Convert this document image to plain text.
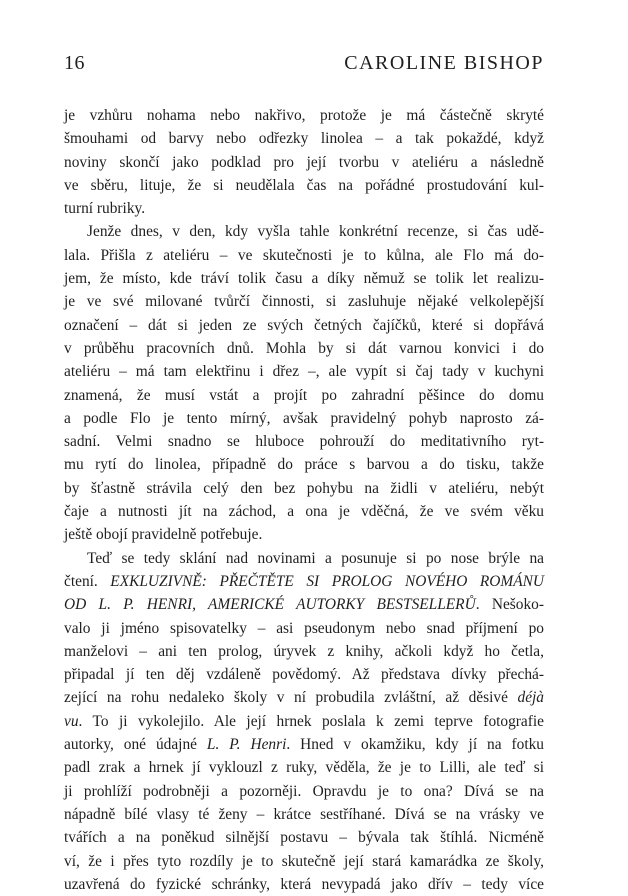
16	CAROLINE BISHOP
je vzhůru nohama nebo nakřivo, protože je má částečně skryté
šmouhami od barvy nebo odřezky linolea – a tak pokaždé, když
noviny skončí jako podklad pro její tvorbu v ateliéru a následně
ve sběru, lituje, že si neudělala čas na pořádné prostudování kul-
turní rubriky.
Jenže dnes, v den, kdy vyšla tahle konkrétní recenze, si čas udě-
lala. Přišla z ateliéru – ve skutečnosti je to kůlna, ale Flo má do-
jem, že místo, kde tráví tolik času a díky němuž se tolik let realizu-
je ve své milované tvůrčí činnosti, si zasluhuje nějaké velkolepější
označení – dát si jeden ze svých četných čajíčků, které si dopřává
v průběhu pracovních dnů. Mohla by si dát varnou konvici i do
ateliéru – má tam elektřinu i dřez –, ale vypít si čaj tady v kuchyni
znamená, že musí vstát a projít po zahradní pěšince do domu
a podle Flo je tento mírný, avšak pravidelný pohyb naprosto zá-
sadní. Velmi snadno se hluboce pohrouží do meditativního ryt-
mu rytí do linolea, případně do práce s barvou a do tisku, takže
by šťastně strávila celý den bez pohybu na židli v ateliéru, nebýt
čaje a nutnosti jít na záchod, a ona je vděčná, že ve svém věku
ještě obojí pravidelně potřebuje.
Teď se tedy sklání nad novinami a posunuje si po nose brýle na
čtení. EXKLUZIVNĚ: PŘEČTĚTE SI PROLOG NOVÉHO ROMÁNU
OD L. P. HENRI, AMERICKÉ AUTORKY BESTSELLERŮ. Nešoko-
valo ji jméno spisovatelky – asi pseudonym nebo snad příjmení po
manželovi – ani ten prolog, úryvek z knihy, ačkoli když ho četla,
připadal jí ten děj vzdáleně povědomý. Až představa dívky přechá-
zející na rohu nedaleko školy v ní probudila zvláštní, až děsivé déjà
vu. To ji vykolejilo. Ale její hrnek poslala k zemi teprve fotografie
autorky, oné údajné L. P. Henri. Hned v okamžiku, kdy jí na fotku
padl zrak a hrnek jí vyklouzl z ruky, věděla, že je to Lilli, ale teď si
ji prohlíží podrobněji a pozorněji. Opravdu je to ona? Dívá se na
nápadně bílé vlasy té ženy – krátce sestříhané. Dívá se na vrásky ve
tvářích a na poněkud silnější postavu – bývala tak štíhlá. Nicméně
ví, že i přes tyto rozdíly je to skutečně její stará kamarádka ze školy,
uzavřená do fyzické schránky, která nevypadá jako dřív – tedy více
